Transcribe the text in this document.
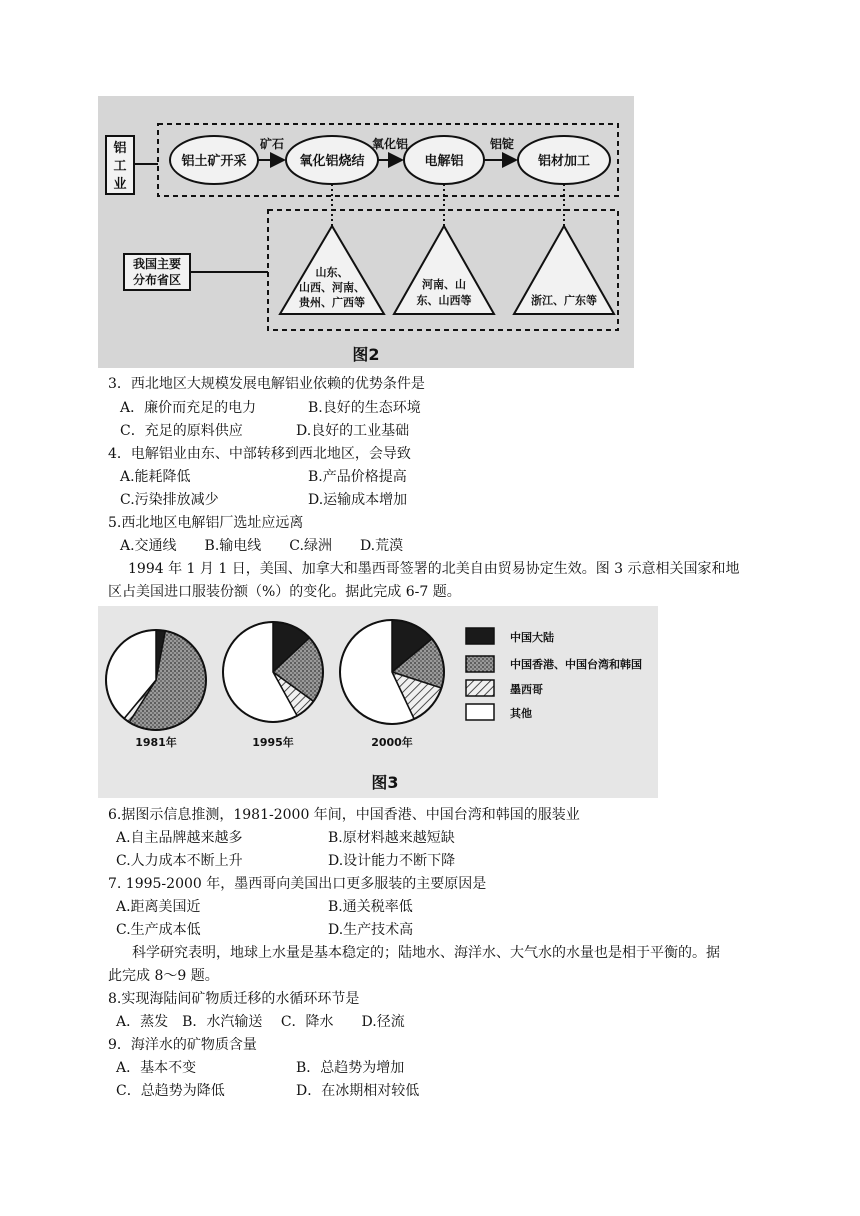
铝
工
业
铝土矿开采	氧化铝烧结	电解铝	铝材加工
矿石	氧化铝	铝锭
我国主要
分布省区
山东、
山西、河南、
贵州、广西等
河南、山
东、山西等	浙江、广东等
图2
3．西北地区大规模发展电解铝业依赖的优势条件是
A．廉价而充足的电力	B.良好的生态环境
C．充足的原料供应	D.良好的工业基础
4．电解铝业由东、中部转移到西北地区，会导致
A.能耗降低	B.产品价格提高
C.污染排放减少	D.运输成本增加
5.西北地区电解铝厂选址应远离
A.交通线　　B.输电线　　C.绿洲　　D.荒漠
1994 年 1 月 1 日，美国、加拿大和墨西哥签署的北美自由贸易协定生效。图 3 示意相关国家和地
区占美国进口服装份额（%）的变化。据此完成 6-7 题。
中国大陆
中国香港、中国台湾和韩国
墨西哥
其他
1981年	1995年	2000年
图3
6.据图示信息推测，1981-2000 年间，中国香港、中国台湾和韩国的服装业
A.自主品牌越来越多	B.原材料越来越短缺
C.人力成本不断上升	D.设计能力不断下降
7. 1995-2000 年，墨西哥向美国出口更多服装的主要原因是
A.距离美国近	B.通关税率低
C.生产成本低	D.生产技术高
科学研究表明，地球上水量是基本稳定的；陆地水、海洋水、大气水的水量也是相于平衡的。据
此完成 8～9 题。
8.实现海陆间矿物质迁移的水循环环节是
A．蒸发　B．水汽输送　 C．降水　　D.径流
9．海洋水的矿物质含量
A．基本不变	B．总趋势为增加
C．总趋势为降低	D．在冰期相对较低
